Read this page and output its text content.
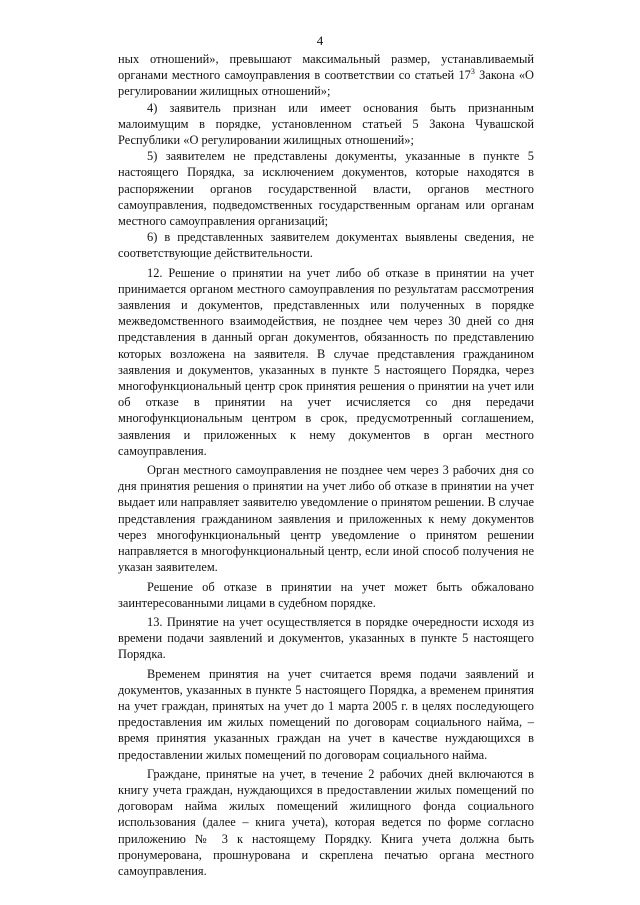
4

ных отношений», превышают максимальный размер, устанавливаемый органами местного самоуправления в соответствии со статьей $17^3$ Закона «О регулировании жилищных отношений»;

4) заявитель признан или имеет основания быть признанным малоимущим в порядке, установленном статьей 5 Закона Чувашской Республики «О регулировании жилищных отношений»;

5) заявителем не представлены документы, указанные в пункте 5 настоящего Порядка, за исключением документов, которые находятся в распоряжении органов государственной власти, органов местного самоуправления, подведомственных государственным органам или органам местного самоуправления организаций;

6) в представленных заявителем документах выявлены сведения, не соответствующие действительности.

12. Решение о принятии на учет либо об отказе в принятии на учет принимается органом местного самоуправления по результатам рассмотрения заявления и документов, представленных или полученных в порядке межведомственного взаимодействия, не позднее чем через 30 дней со дня представления в данный орган документов, обязанность по представлению которых возложена на заявителя. В случае представления гражданином заявления и документов, указанных в пункте 5 настоящего Порядка, через многофункциональный центр срок принятия решения о принятии на учет или об отказе в принятии на учет исчисляется со дня передачи многофункциональным центром в срок, предусмотренный соглашением, заявления и приложенных к нему документов в орган местного самоуправления.

Орган местного самоуправления не позднее чем через 3 рабочих дня со дня принятия решения о принятии на учет либо об отказе в принятии на учет выдает или направляет заявителю уведомление о принятом решении. В случае представления гражданином заявления и приложенных к нему документов через многофункциональный центр уведомление о принятом решении направляется в многофункциональный центр, если иной способ получения не указан заявителем.

Решение об отказе в принятии на учет может быть обжаловано заинтересованными лицами в судебном порядке.

13. Принятие на учет осуществляется в порядке очередности исходя из времени подачи заявлений и документов, указанных в пункте 5 настоящего Порядка.

Временем принятия на учет считается время подачи заявлений и документов, указанных в пункте 5 настоящего Порядка, а временем принятия на учет граждан, принятых на учет до 1 марта 2005 г. в целях последующего предоставления им жилых помещений по договорам социального найма, – время принятия указанных граждан на учет в качестве нуждающихся в предоставлении жилых помещений по договорам социального найма.

Граждане, принятые на учет, в течение 2 рабочих дней включаются в книгу учета граждан, нуждающихся в предоставлении жилых помещений по договорам найма жилых помещений жилищного фонда социального использования (далее – книга учета), которая ведется по форме согласно приложению № 3 к настоящему Порядку. Книга учета должна быть пронумерована, прошнурована и скреплена печатью органа местного самоуправления.
